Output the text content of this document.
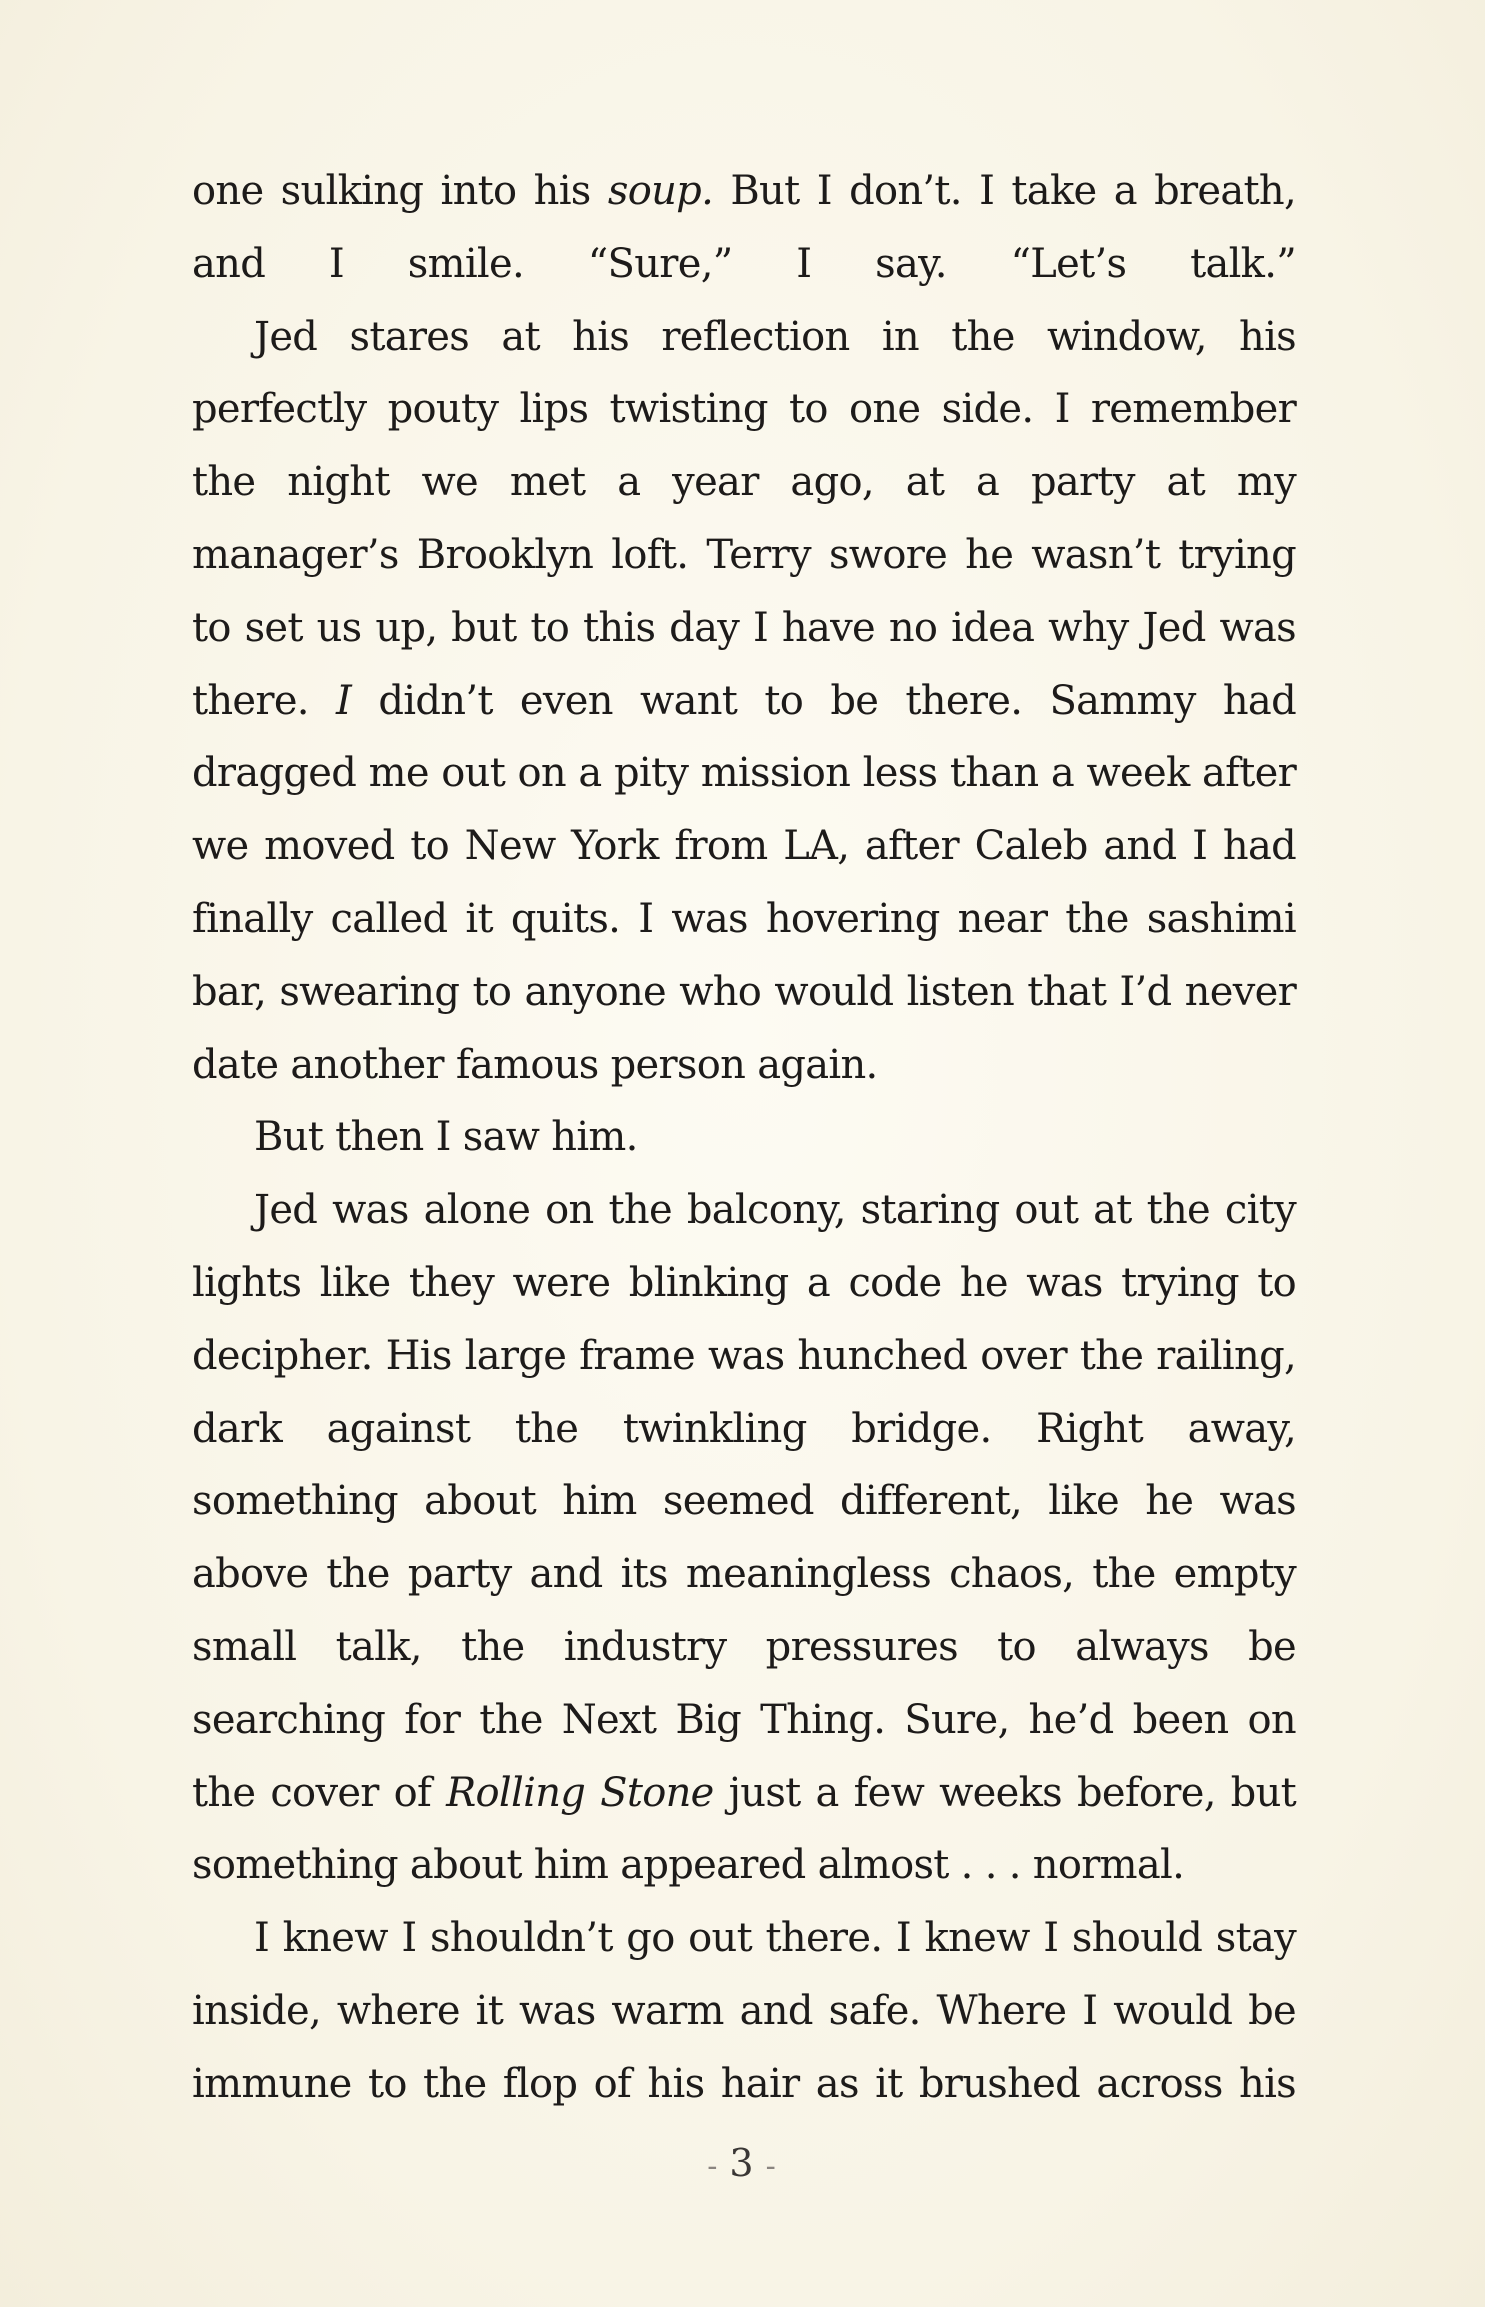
one sulking into his soup. But I don’t. I take a breath, and I smile. “Sure,” I say. “Let’s talk.”

Jed stares at his reflection in the window, his perfectly pouty lips twisting to one side. I remember the night we met a year ago, at a party at my manager’s Brooklyn loft. Terry swore he wasn’t trying to set us up, but to this day I have no idea why Jed was there. I didn’t even want to be there. Sammy had dragged me out on a pity mission less than a week after we moved to New York from LA, after Caleb and I had finally called it quits. I was hovering near the sashimi bar, swearing to anyone who would listen that I’d never date another famous person again.

But then I saw him.

Jed was alone on the balcony, staring out at the city lights like they were blinking a code he was trying to decipher. His large frame was hunched over the railing, dark against the twinkling bridge. Right away, something about him seemed different, like he was above the party and its meaningless chaos, the empty small talk, the industry pressures to always be searching for the Next Big Thing. Sure, he’d been on the cover of Rolling Stone just a few weeks before, but something about him appeared almost . . . normal.

I knew I shouldn’t go out there. I knew I should stay inside, where it was warm and safe. Where I would be immune to the flop of his hair as it brushed across his

- 3 -
